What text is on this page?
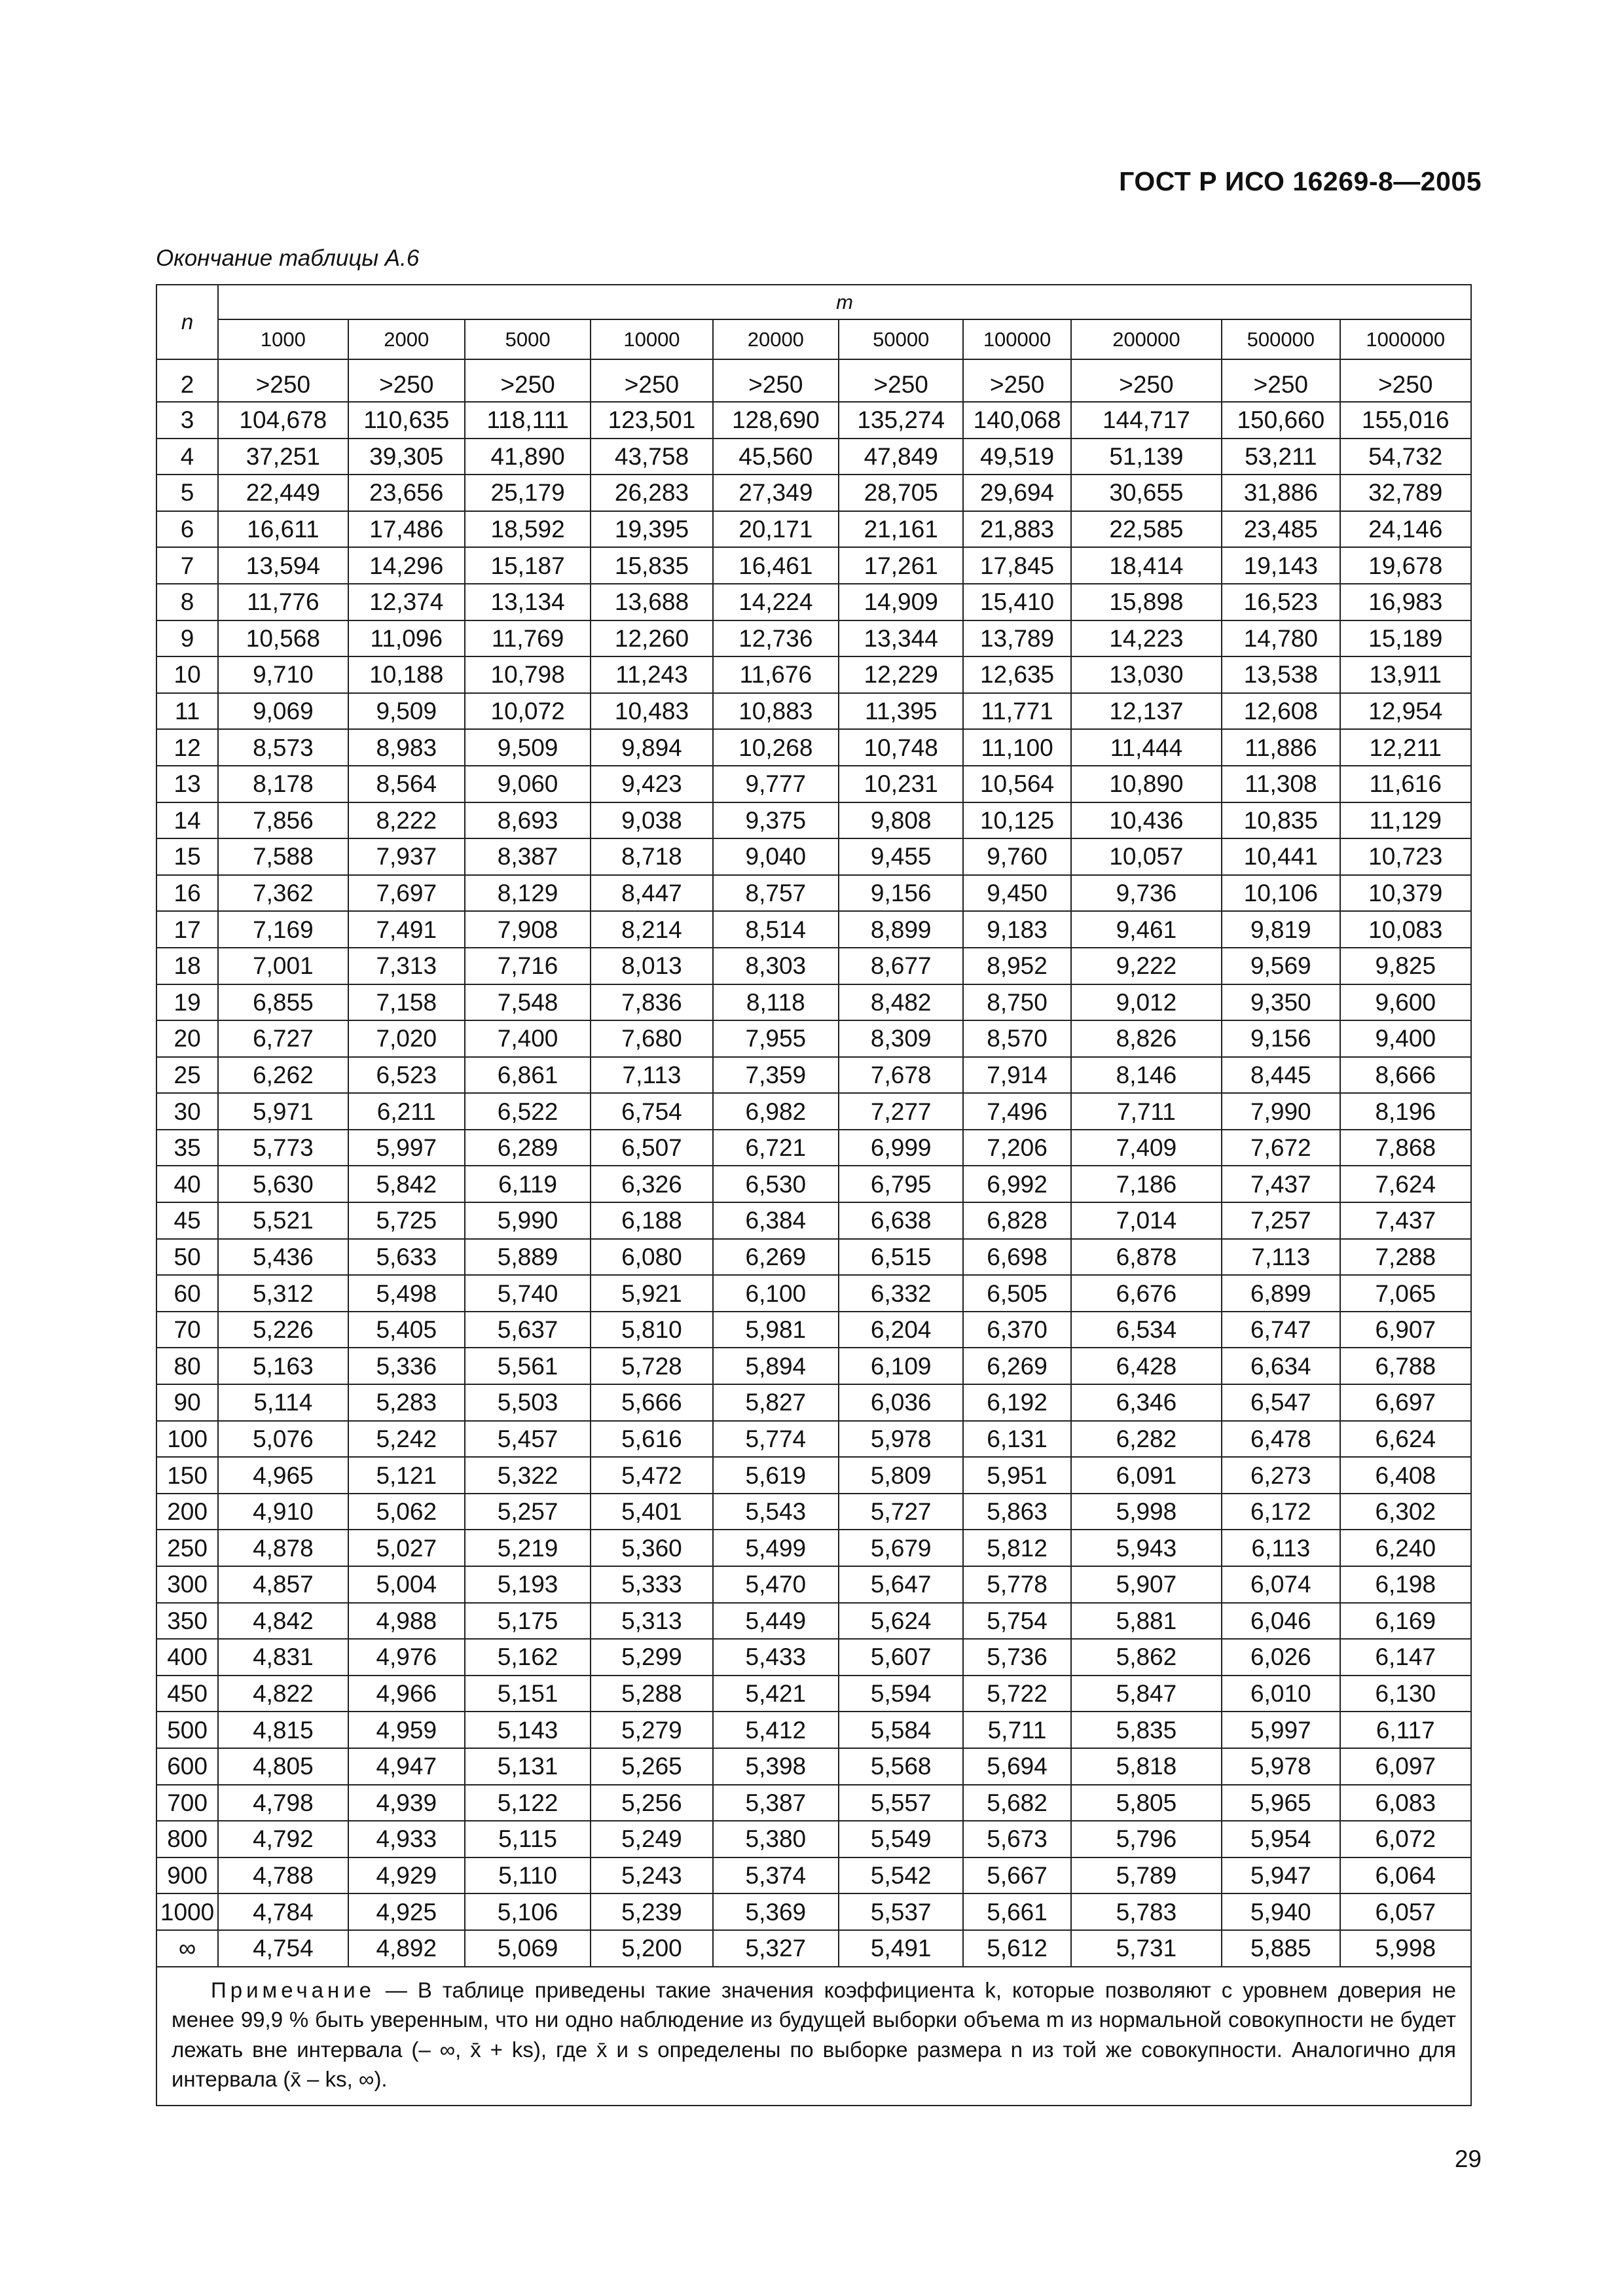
ГОСТ Р ИСО 16269-8—2005
Окончание таблицы А.6
n	m									
	1000	2000	5000	10000	20000	50000	100000	200000	500000	1000000
2	>250	>250	>250	>250	>250	>250	>250	>250	>250	>250
3	104,678	110,635	118,111	123,501	128,690	135,274	140,068	144,717	150,660	155,016
4	37,251	39,305	41,890	43,758	45,560	47,849	49,519	51,139	53,211	54,732
5	22,449	23,656	25,179	26,283	27,349	28,705	29,694	30,655	31,886	32,789
6	16,611	17,486	18,592	19,395	20,171	21,161	21,883	22,585	23,485	24,146
7	13,594	14,296	15,187	15,835	16,461	17,261	17,845	18,414	19,143	19,678
8	11,776	12,374	13,134	13,688	14,224	14,909	15,410	15,898	16,523	16,983
9	10,568	11,096	11,769	12,260	12,736	13,344	13,789	14,223	14,780	15,189
10	9,710	10,188	10,798	11,243	11,676	12,229	12,635	13,030	13,538	13,911
11	9,069	9,509	10,072	10,483	10,883	11,395	11,771	12,137	12,608	12,954
12	8,573	8,983	9,509	9,894	10,268	10,748	11,100	11,444	11,886	12,211
13	8,178	8,564	9,060	9,423	9,777	10,231	10,564	10,890	11,308	11,616
14	7,856	8,222	8,693	9,038	9,375	9,808	10,125	10,436	10,835	11,129
15	7,588	7,937	8,387	8,718	9,040	9,455	9,760	10,057	10,441	10,723
16	7,362	7,697	8,129	8,447	8,757	9,156	9,450	9,736	10,106	10,379
17	7,169	7,491	7,908	8,214	8,514	8,899	9,183	9,461	9,819	10,083
18	7,001	7,313	7,716	8,013	8,303	8,677	8,952	9,222	9,569	9,825
19	6,855	7,158	7,548	7,836	8,118	8,482	8,750	9,012	9,350	9,600
20	6,727	7,020	7,400	7,680	7,955	8,309	8,570	8,826	9,156	9,400
25	6,262	6,523	6,861	7,113	7,359	7,678	7,914	8,146	8,445	8,666
30	5,971	6,211	6,522	6,754	6,982	7,277	7,496	7,711	7,990	8,196
35	5,773	5,997	6,289	6,507	6,721	6,999	7,206	7,409	7,672	7,868
40	5,630	5,842	6,119	6,326	6,530	6,795	6,992	7,186	7,437	7,624
45	5,521	5,725	5,990	6,188	6,384	6,638	6,828	7,014	7,257	7,437
50	5,436	5,633	5,889	6,080	6,269	6,515	6,698	6,878	7,113	7,288
60	5,312	5,498	5,740	5,921	6,100	6,332	6,505	6,676	6,899	7,065
70	5,226	5,405	5,637	5,810	5,981	6,204	6,370	6,534	6,747	6,907
80	5,163	5,336	5,561	5,728	5,894	6,109	6,269	6,428	6,634	6,788
90	5,114	5,283	5,503	5,666	5,827	6,036	6,192	6,346	6,547	6,697
100	5,076	5,242	5,457	5,616	5,774	5,978	6,131	6,282	6,478	6,624
150	4,965	5,121	5,322	5,472	5,619	5,809	5,951	6,091	6,273	6,408
200	4,910	5,062	5,257	5,401	5,543	5,727	5,863	5,998	6,172	6,302
250	4,878	5,027	5,219	5,360	5,499	5,679	5,812	5,943	6,113	6,240
300	4,857	5,004	5,193	5,333	5,470	5,647	5,778	5,907	6,074	6,198
350	4,842	4,988	5,175	5,313	5,449	5,624	5,754	5,881	6,046	6,169
400	4,831	4,976	5,162	5,299	5,433	5,607	5,736	5,862	6,026	6,147
450	4,822	4,966	5,151	5,288	5,421	5,594	5,722	5,847	6,010	6,130
500	4,815	4,959	5,143	5,279	5,412	5,584	5,711	5,835	5,997	6,117
600	4,805	4,947	5,131	5,265	5,398	5,568	5,694	5,818	5,978	6,097
700	4,798	4,939	5,122	5,256	5,387	5,557	5,682	5,805	5,965	6,083
800	4,792	4,933	5,115	5,249	5,380	5,549	5,673	5,796	5,954	6,072
900	4,788	4,929	5,110	5,243	5,374	5,542	5,667	5,789	5,947	6,064
1000	4,784	4,925	5,106	5,239	5,369	5,537	5,661	5,783	5,940	6,057
∞	4,754	4,892	5,069	5,200	5,327	5,491	5,612	5,731	5,885	5,998
Примечание — В таблице приведены такие значения коэффициента k, которые позволяют с уровнем доверия не менее 99,9 % быть уверенным, что ни одно наблюдение из будущей выборки объема m из нормальной совокупности не будет лежать вне интервала (– ∞, x̄ + ks), где x̄ и s определены по выборке размера n из той же совокупности. Аналогично для интервала (x̄ – ks, ∞).										
29
